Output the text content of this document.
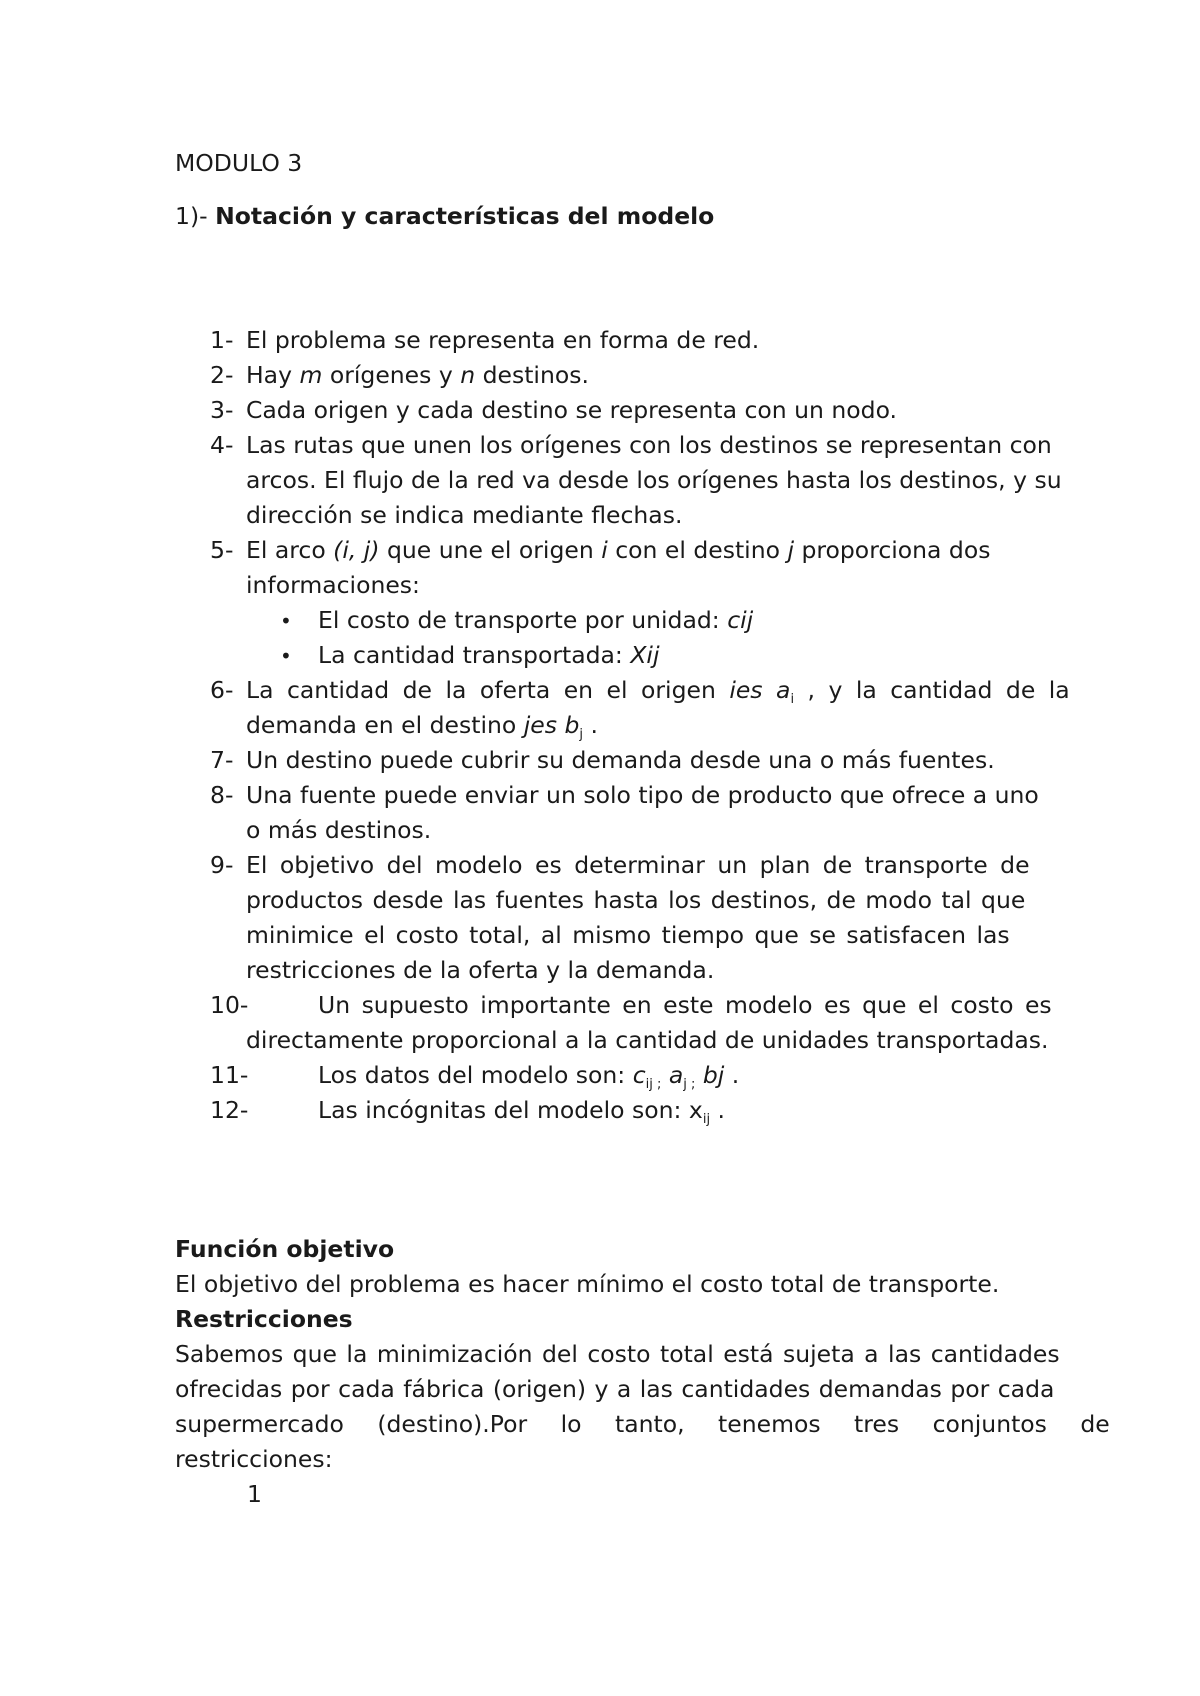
MODULO 3
1)- Notación y características del modelo
1- El problema se representa en forma de red.
2- Hay m orígenes y n destinos.
3- Cada origen y cada destino se representa con un nodo.
4- Las rutas que unen los orígenes con los destinos se representan con
arcos. El flujo de la red va desde los orígenes hasta los destinos, y su
dirección se indica mediante flechas.
5- El arco (i, j) que une el origen i con el destino j proporciona dos
informaciones:
• El costo de transporte por unidad: cij
• La cantidad transportada: Xij
6- La cantidad de la oferta en el origen ies $a_i$ , y la cantidad de la
demanda en el destino jes $b_j$ .
7- Un destino puede cubrir su demanda desde una o más fuentes.
8- Una fuente puede enviar un solo tipo de producto que ofrece a uno
o más destinos.
9- El objetivo del modelo es determinar un plan de transporte de
productos desde las fuentes hasta los destinos, de modo tal que
minimice el costo total, al mismo tiempo que se satisfacen las
restricciones de la oferta y la demanda.
10-	Un supuesto importante en este modelo es que el costo es
directamente proporcional a la cantidad de unidades transportadas.
11-	Los datos del modelo son: $c_{ij ;}$ $a_{j ;}$ bj .
12-	Las incógnitas del modelo son: $x_{ij}$ .
Función objetivo
El objetivo del problema es hacer mínimo el costo total de transporte.
Restricciones
Sabemos que la minimización del costo total está sujeta a las cantidades
ofrecidas por cada fábrica (origen) y a las cantidades demandas por cada
supermercado (destino).Por lo tanto, tenemos tres conjuntos de
restricciones:
1
